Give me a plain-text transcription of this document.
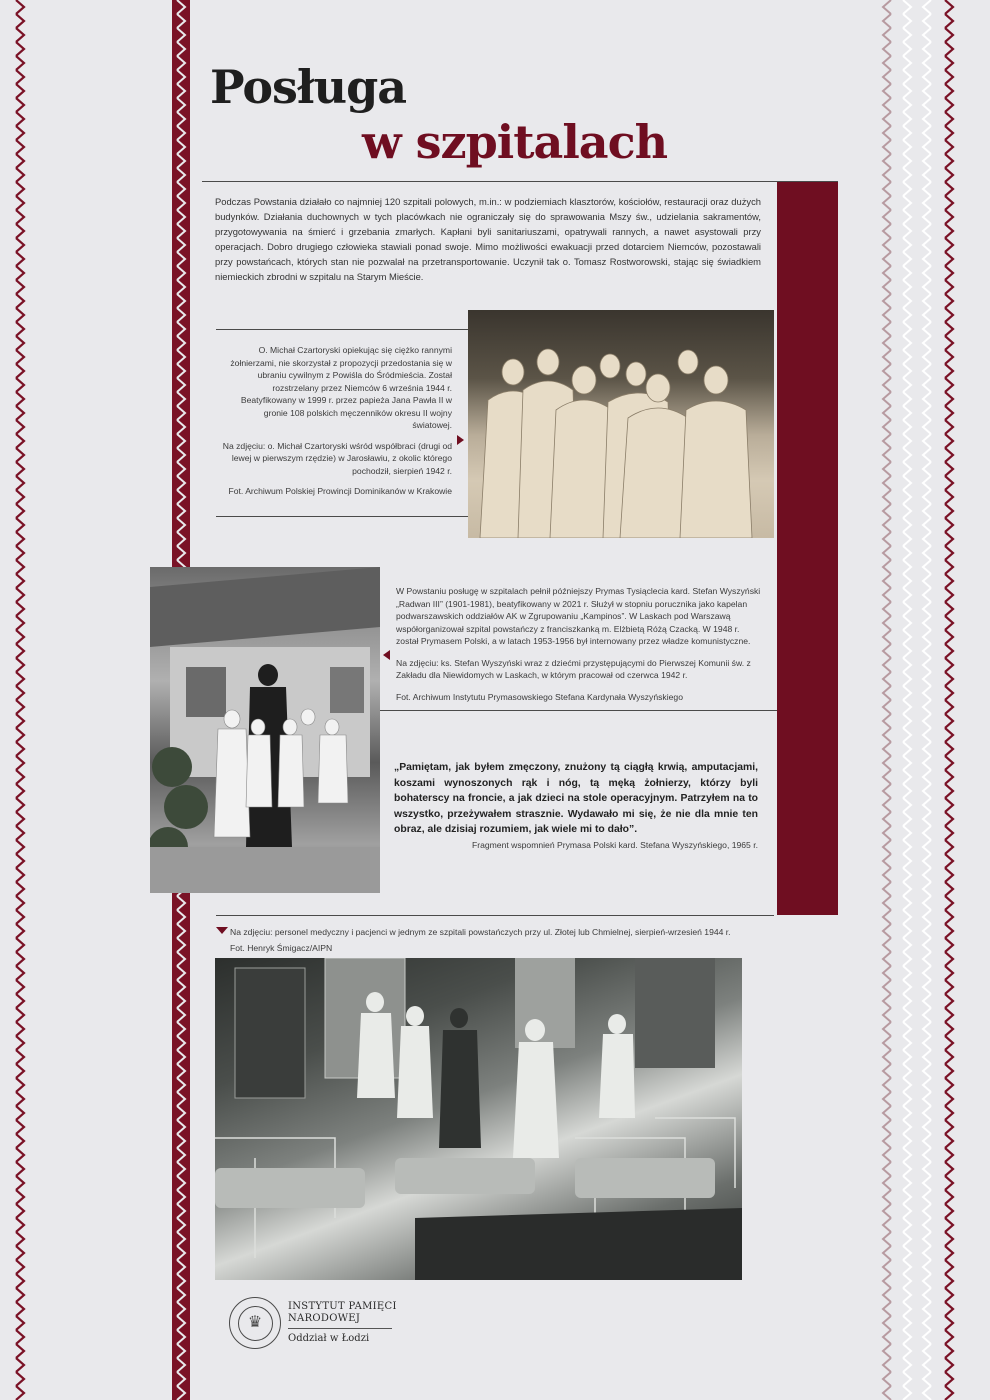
Posługa
w szpitalach

Podczas Powstania działało co najmniej 120 szpitali polowych, m.in.: w podziemiach klasztorów, kościołów, restauracji oraz dużych budynków. Działania duchownych w tych placówkach nie ograniczały się do sprawowania Mszy św., udzielania sakramentów, przygotowywania na śmierć i grzebania zmarłych. Kapłani byli sanitariuszami, opatrywali rannych, a nawet asystowali przy operacjach. Dobro drugiego człowieka stawiali ponad swoje. Mimo możliwości ewakuacji przed dotarciem Niemców, pozostawali przy powstańcach, których stan nie pozwalał na przetransportowanie. Uczynił tak o. Tomasz Rostworowski, stając się świadkiem niemieckich zbrodni w szpitalu na Starym Mieście.

O. Michał Czartoryski opiekując się ciężko rannymi żołnierzami, nie skorzystał z propozycji przedostania się w ubraniu cywilnym z Powiśla do Śródmieścia. Został rozstrzelany przez Niemców 6 września 1944 r. Beatyfikowany w 1999 r. przez papieża Jana Pawła II w gronie 108 polskich męczenników okresu II wojny światowej.

Na zdjęciu: o. Michał Czartoryski wśród współbraci (drugi od lewej w pierwszym rzędzie) w Jarosławiu, z okolic którego pochodził, sierpień 1942 r.

Fot. Archiwum Polskiej Prowincji Dominikanów w Krakowie

W Powstaniu posługę w szpitalach pełnił późniejszy Prymas Tysiąclecia kard. Stefan Wyszyński „Radwan III” (1901-1981), beatyfikowany w 2021 r. Służył w stopniu porucznika jako kapelan podwarszawskich oddziałów AK w Zgrupowaniu „Kampinos”. W Laskach pod Warszawą współorganizował szpital powstańczy z franciszkanką m. Elżbietą Różą Czacką. W 1948 r. został Prymasem Polski, a w latach 1953-1956 był internowany przez władze komunistyczne.

Na zdjęciu: ks. Stefan Wyszyński wraz z dziećmi przystępującymi do Pierwszej Komunii św. z Zakładu dla Niewidomych w Laskach, w którym pracował od czerwca 1942 r.

Fot. Archiwum Instytutu Prymasowskiego Stefana Kardynała Wyszyńskiego

„Pamiętam, jak byłem zmęczony, znużony tą ciągłą krwią, amputacjami, koszami wynoszonych rąk i nóg, tą męką żołnierzy, którzy byli bohaterscy na froncie, a jak dzieci na stole operacyjnym. Patrzyłem na to wszystko, przeżywałem strasznie. Wydawało mi się, że nie dla mnie ten obraz, ale dzisiaj rozumiem, jak wiele mi to dało”.

Fragment wspomnień Prymasa Polski kard. Stefana Wyszyńskiego, 1965 r.

Na zdjęciu: personel medyczny i pacjenci w jednym ze szpitali powstańczych przy ul. Złotej lub Chmielnej, sierpień-wrzesień 1944 r.
Fot. Henryk Śmigacz/AIPN
♛
INSTYTUT PAMIĘCI
NARODOWEJ
Oddział w Łodzi
